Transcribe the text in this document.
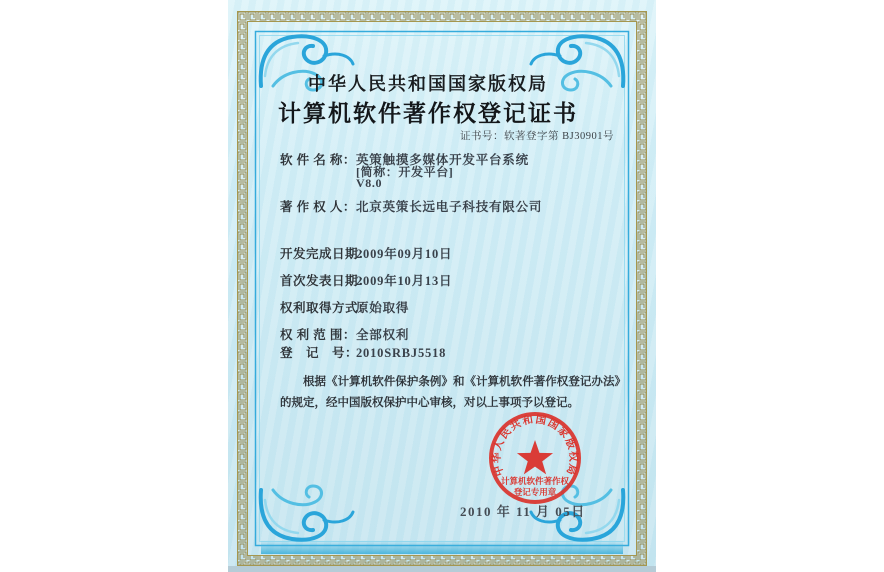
中华人民共和国国家版权局
计算机软件著作权登记证书
证书号：软著登字第 BJ30901号
软 件 名 称：英策触摸多媒体开发平台系统
[简称：开发平台]
V8.0
著 作 权 人：北京英策长远电子科技有限公司
开发完成日期：2009年09月10日
首次发表日期：2009年10月13日
权利取得方式：原始取得
权 利 范 围：全部权利
登　记　号：2010SRBJ5518
根据《计算机软件保护条例》和《计算机软件著作权登记办法》的规定，经中国版权保护中心审核，对以上事项予以登记。
中华人民共和国国家版权局
计算机软件著作权
登记专用章
2010 年 11 月 05日
